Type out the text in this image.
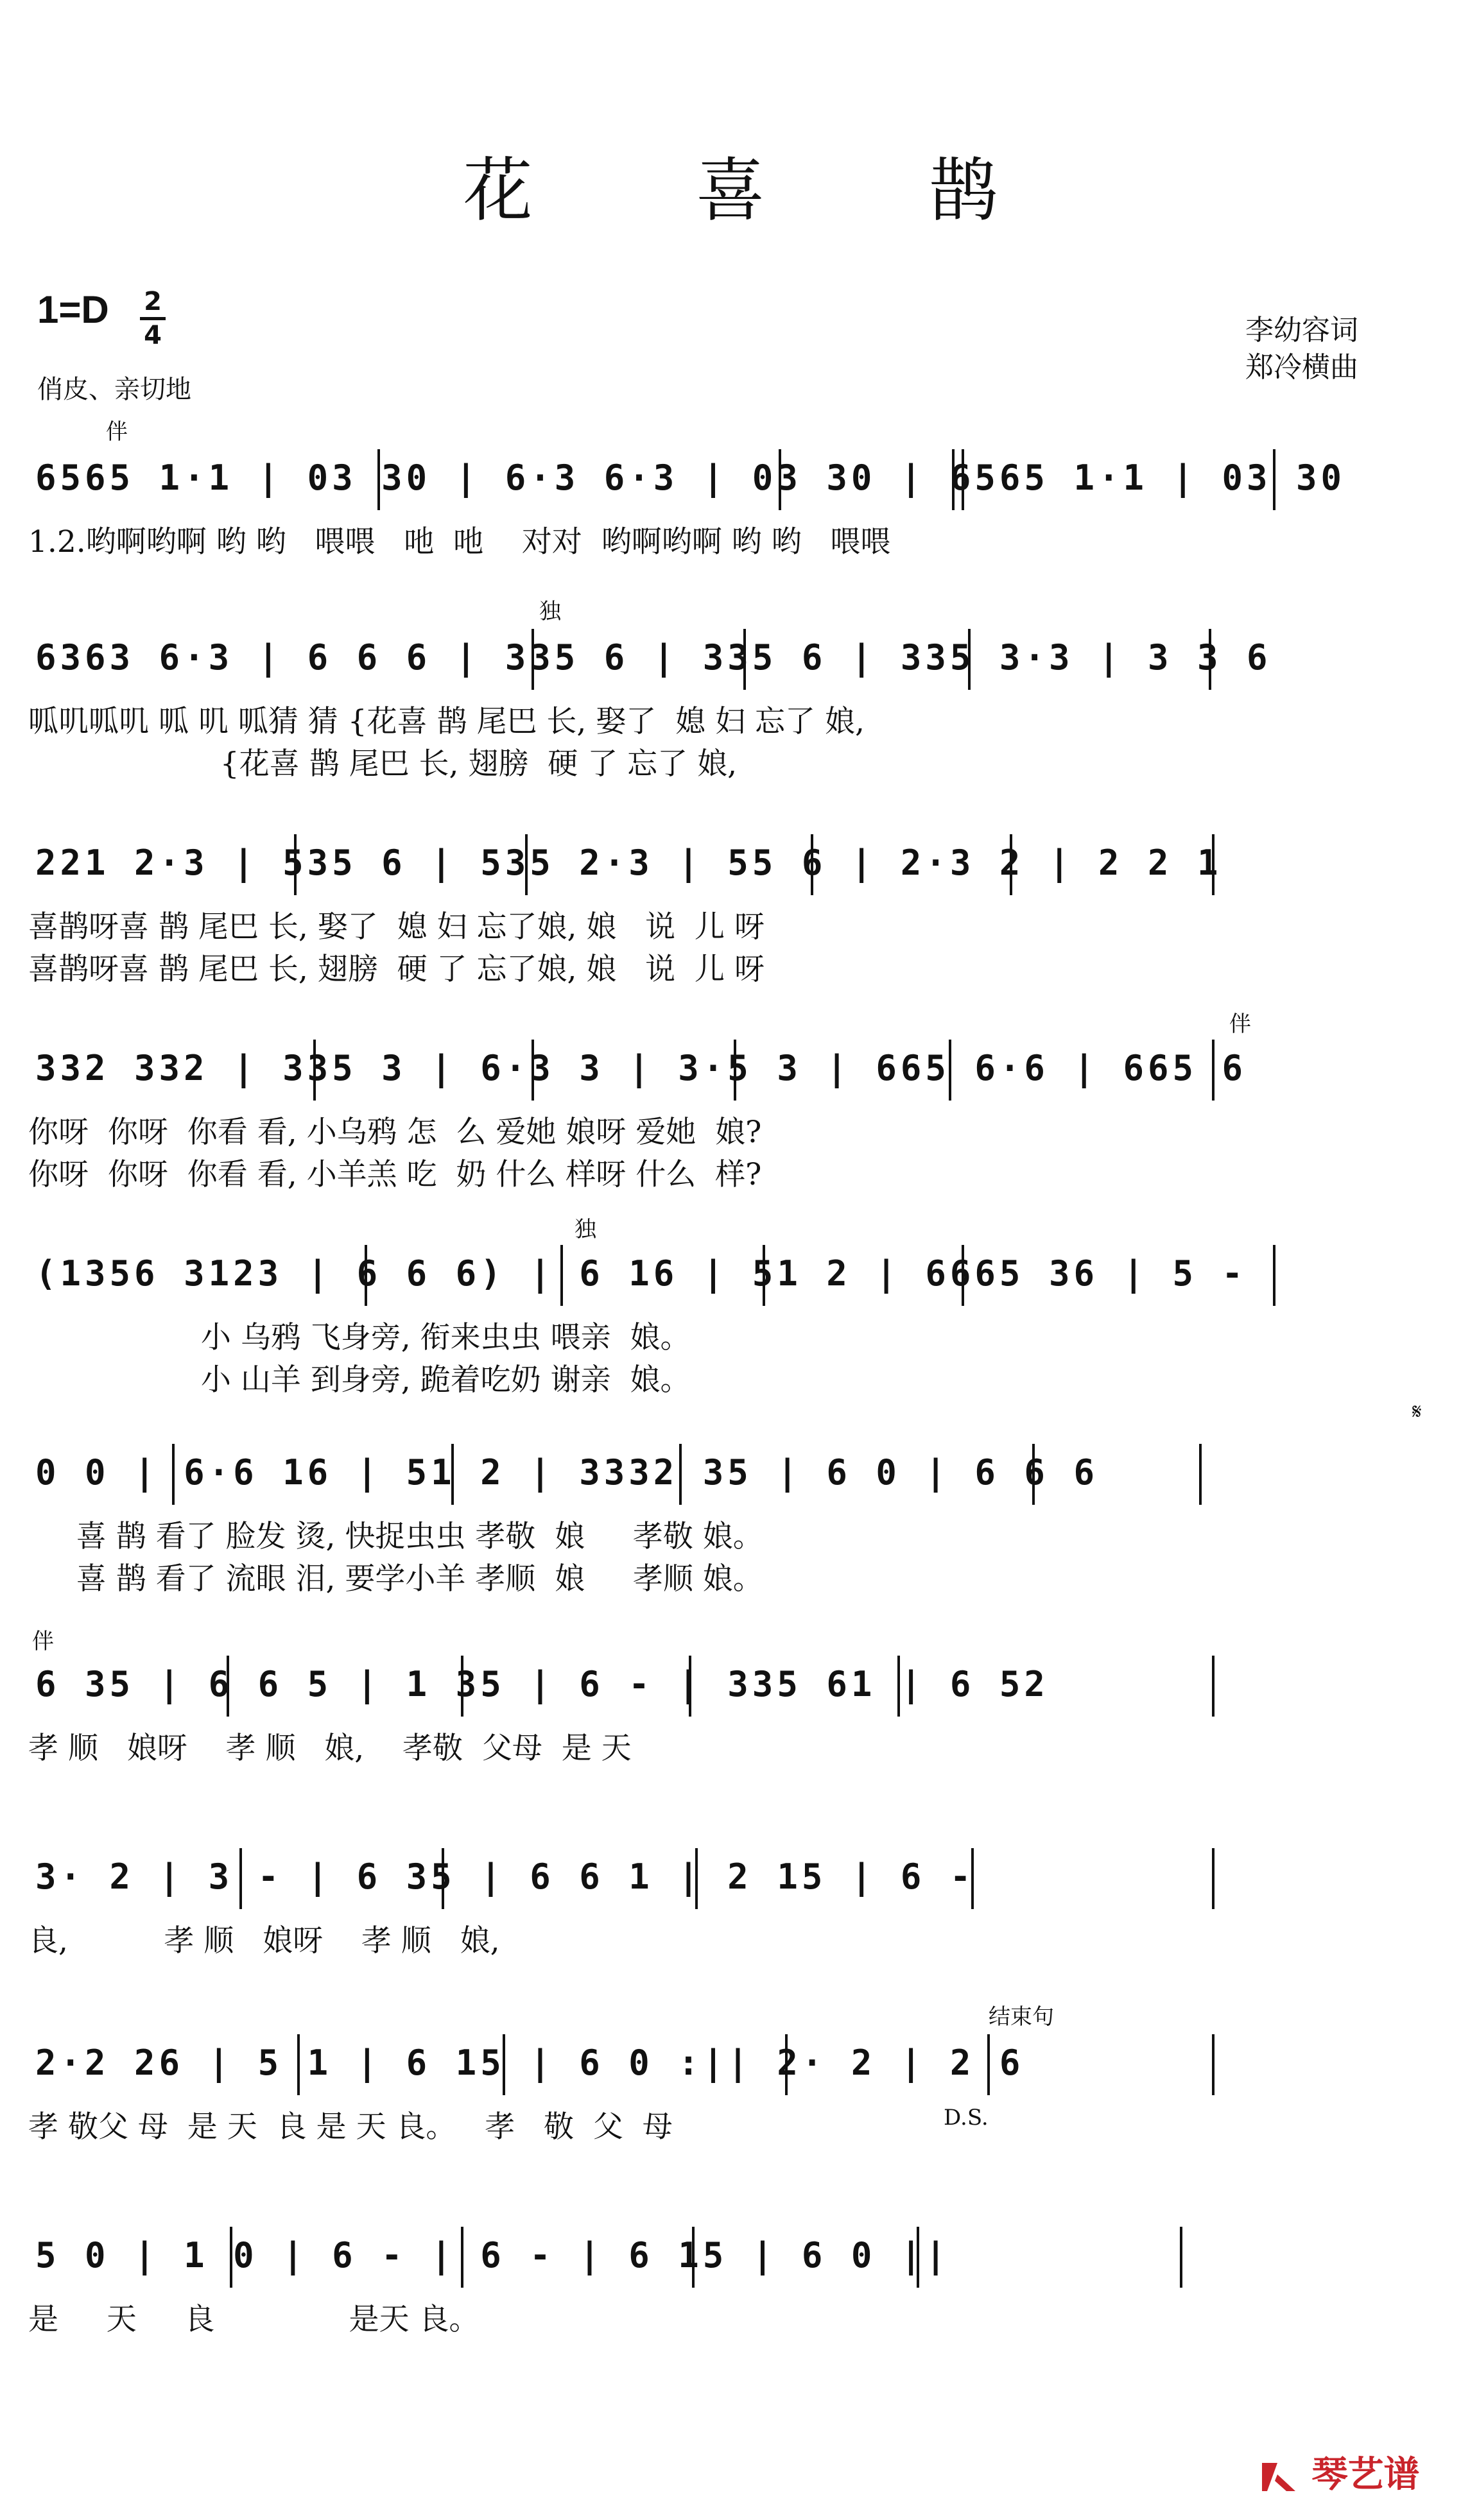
花 喜 鹊
1=D 2
4	李幼容词
郑冷横曲
俏皮、亲切地
6565 1·1 | 03 30 | 6·3 6·3 | 03 30 | 6565 1·1 | 03 30
1.2.哟啊哟啊 哟 哟   喂喂   吔  吔    对对  哟啊哟啊 哟 哟   喂喂
6363 6·3 | 6 6 6 | 335 6 | 335 6 | 335 3·3 | 3 3 6
呱叽呱叽 呱 叽 呱猜 猜 {花喜 鹊 尾巴 长, 娶了  媳 妇 忘了 娘,
{花喜 鹊 尾巴 长, 翅膀  硬 了 忘了 娘,
221 2·3 | 535 6 | 535 2·3 | 55 6 | 2·3 2 | 2 2 1
喜鹊呀喜 鹊 尾巴 长, 娶了  媳 妇 忘了娘, 娘   说  儿 呀
喜鹊呀喜 鹊 尾巴 长, 翅膀  硬 了 忘了娘, 娘   说  儿 呀
332 332 | 335 3 | 6·3 3 | 3·5 3 | 665 6·6 | 665 6
你呀  你呀  你看 看, 小乌鸦 怎  么 爱她 娘呀 爱她  娘?
你呀  你呀  你看 看, 小羊羔 吃  奶 什么 样呀 什么  样?
(1356 3123 | 6 6 6) | 6 16 | 51 2 | 6665 36 | 5 -
小 乌鸦 飞身旁, 衔来虫虫 喂亲  娘。
小 山羊 到身旁, 跪着吃奶 谢亲  娘。
0 0 | 6·6 16 | 51 2 | 3332 35 | 6 0 | 6 6 6
喜 鹊 看了 脸发 烫, 快捉虫虫 孝敬  娘     孝敬 娘。
喜 鹊 看了 流眼 泪, 要学小羊 孝顺  娘     孝顺 娘。
6 35 | 6 6 5 | 1 35 | 6 - | 335 61 | 6 52
孝 顺   娘呀    孝 顺   娘,    孝敬  父母  是 天
3· 2 | 3 - | 6 35 | 6 6 1 | 2 15 | 6 -
良,          孝 顺   娘呀    孝 顺   娘,
2·2 26 | 5 1 | 6 15 | 6 0 :|| 2· 2 | 2 6
孝 敬父 母  是 天  良 是 天 良。   孝   敬  父  母
5 0 | 1 0 | 6 - | 6 - | 6 15 | 6 0 ||
是     天     良              是天 良。
琴艺谱
伴
独
伴
独
𝄋
伴
结束句
D.S.
